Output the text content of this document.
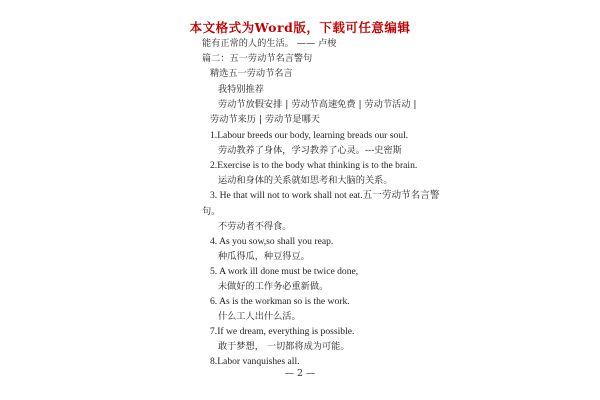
本文格式为Word版，下载可任意编辑
能有正常的人的生活。 —— 卢梭
篇二：五一劳动节名言警句
精选五一劳动节名言
我特别推荐
劳动节放假安排 | 劳动节高速免费 | 劳动节活动 |
劳动节来历 | 劳动节是哪天
1.Labour breeds our body, learning breads our soul.
劳动教养了身体，学习教养了心灵。---史密斯
2.Exercise is to the body what thinking is to the brain.
运动和身体的关系就如思考和大脑的关系。
3. He that will not to work shall not eat.五一劳动节名言警
句。
不劳动者不得食。
4. As you sow,so shall you reap.
种瓜得瓜，种豆得豆。
5. A work ill done must be twice done,
未做好的工作务必重新做。
6. As is the workman so is the work.
什么工人出什么活。
7.If we dream, everything is possible.
敢于梦想， 一切都将成为可能。
8.Labor vanquishes all.
— 2 —
